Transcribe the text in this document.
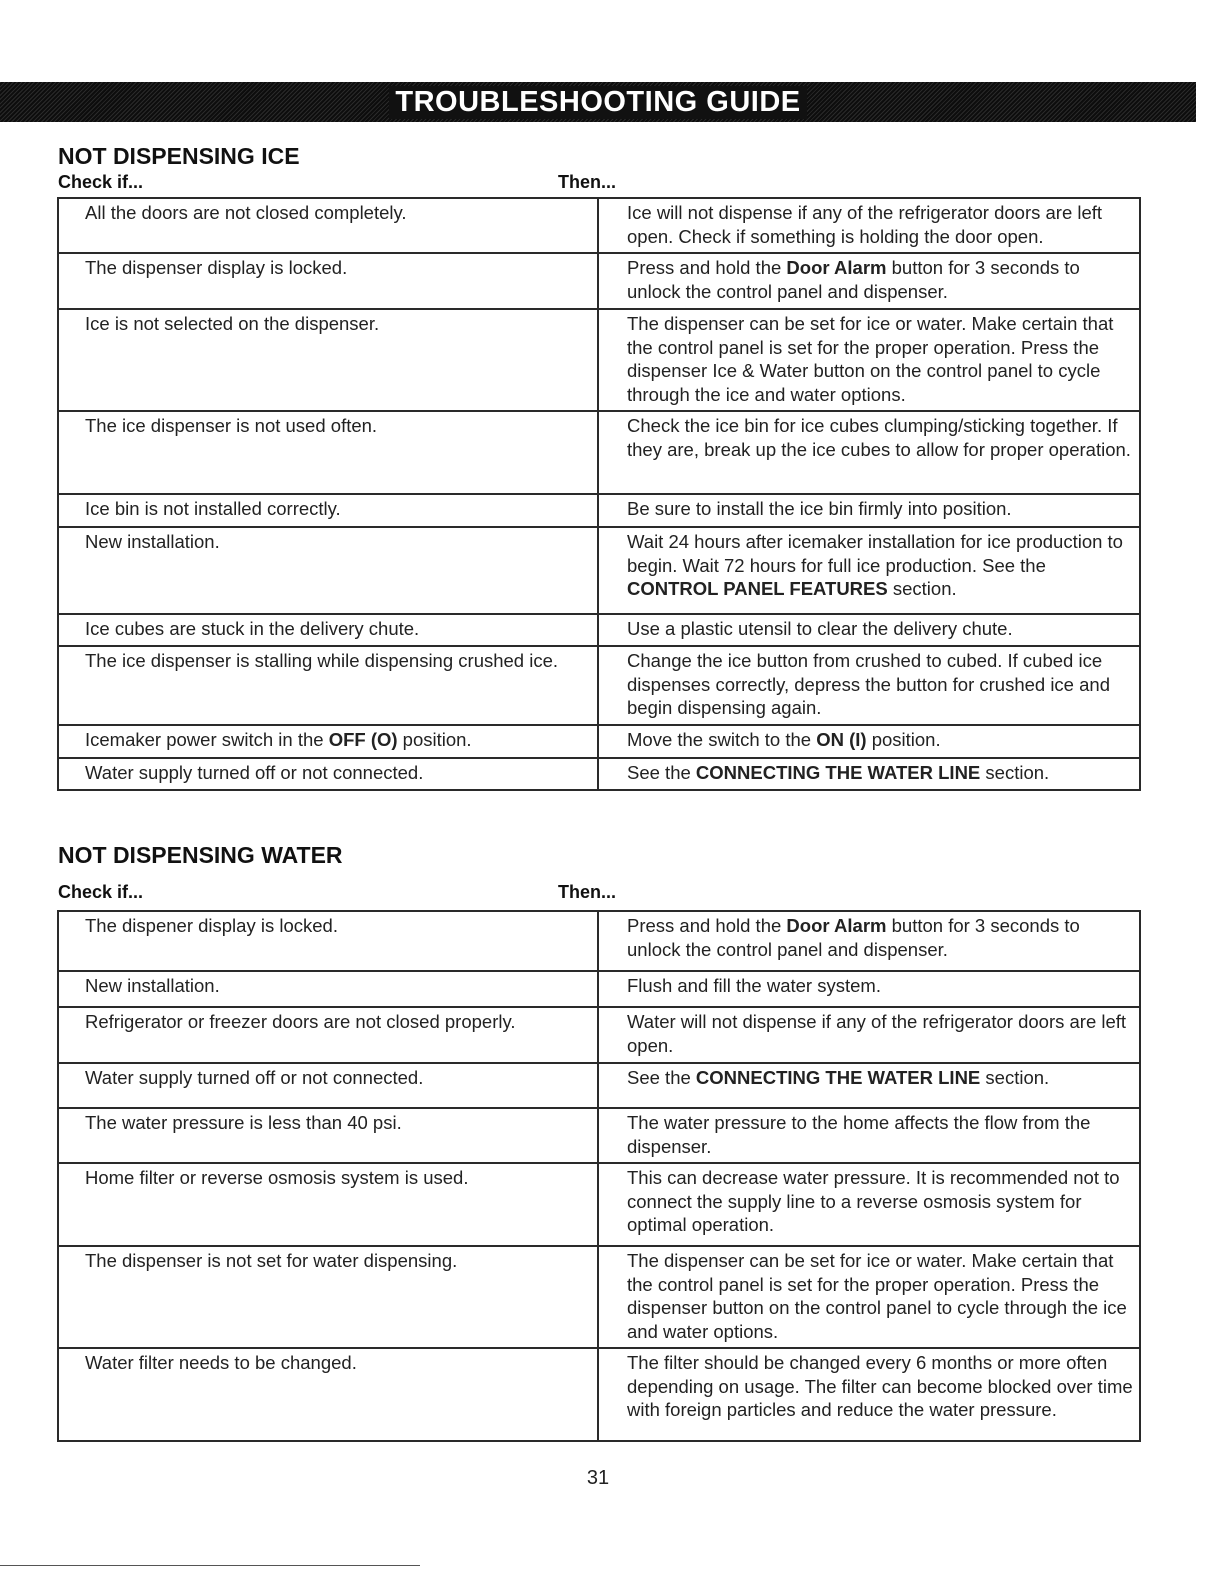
TROUBLESHOOTING GUIDE
NOT DISPENSING ICE
Check if...	Then...
All the doors are not closed completely.	Ice will not dispense if any of the refrigerator doors are left open. Check if something is holding the door open.
The dispenser display is locked.	Press and hold the Door Alarm button for 3 seconds to unlock the control panel and dispenser.
Ice is not selected on the dispenser.	The dispenser can be set for ice or water. Make certain that the control panel is set for the proper operation. Press the dispenser Ice & Water button on the control panel to cycle through the ice and water options.
The ice dispenser is not used often.	Check the ice bin for ice cubes clumping/sticking together. If they are, break up the ice cubes to allow for proper operation.
Ice bin is not installed correctly.	Be sure to install the ice bin firmly into position.
New installation.	Wait 24 hours after icemaker installation for ice production to begin. Wait 72 hours for full ice production. See the CONTROL PANEL FEATURES section.
Ice cubes are stuck in the delivery chute.	Use a plastic utensil to clear the delivery chute.
The ice dispenser is stalling while dispensing crushed ice.	Change the ice button from crushed to cubed. If cubed ice dispenses correctly, depress the button for crushed ice and begin dispensing again.
Icemaker power switch in the OFF (O) position.	Move the switch to the ON (I) position.
Water supply turned off or not connected.	See the CONNECTING THE WATER LINE section.
NOT DISPENSING WATER
Check if...	Then...
The dispener display is locked.	Press and hold the Door Alarm button for 3 seconds to unlock the control panel and dispenser.
New installation.	Flush and fill the water system.
Refrigerator or freezer doors are not closed properly.	Water will not dispense if any of the refrigerator doors are left open.
Water supply turned off or not connected.	See the CONNECTING THE WATER LINE section.
The water pressure is less than 40 psi.	The water pressure to the home affects the flow from the dispenser.
Home filter or reverse osmosis system is used.	This can decrease water pressure. It is recommended not to connect the supply line to a reverse osmosis system for optimal operation.
The dispenser is not set for water dispensing.	The dispenser can be set for ice or water. Make certain that the control panel is set for the proper operation. Press the dispenser button on the control panel to cycle through the ice and water options.
Water filter needs to be changed.	The filter should be changed every 6 months or more often depending on usage. The filter can become blocked over time with foreign particles and reduce the water pressure.
31
